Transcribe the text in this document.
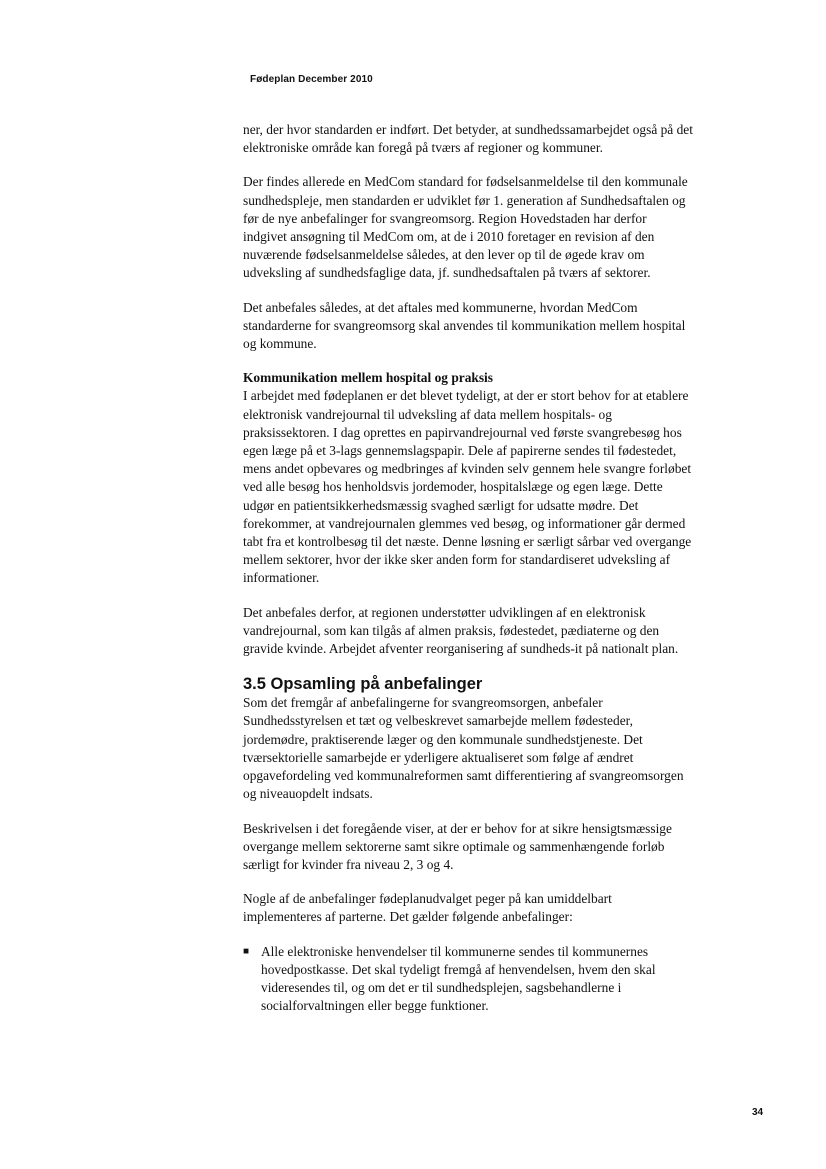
Fødeplan December 2010

ner, der hvor standarden er indført. Det betyder, at sundhedssamarbejdet også på det elektroniske område kan foregå på tværs af regioner og kommuner.

Der findes allerede en MedCom standard for fødselsanmeldelse til den kommunale sundhedspleje, men standarden er udviklet før 1. generation af Sundhedsaftalen og før de nye anbefalinger for svangreomsorg. Region Hovedstaden har derfor indgivet ansøgning til MedCom om, at de i 2010 foretager en revision af den nuværende fødselsanmeldelse således, at den lever op til de øgede krav om udveksling af sundhedsfaglige data, jf. sundhedsaftalen på tværs af sektorer.

Det anbefales således, at det aftales med kommunerne, hvordan MedCom standarderne for svangreomsorg skal anvendes til kommunikation mellem hospital og kommune.

Kommunikation mellem hospital og praksis
I arbejdet med fødeplanen er det blevet tydeligt, at der er stort behov for at etablere elektronisk vandrejournal til udveksling af data mellem hospitals- og praksissektoren. I dag oprettes en papirvandrejournal ved første svangrebesøg hos egen læge på et 3-lags gennemslagspapir. Dele af papirerne sendes til fødestedet, mens andet opbevares og medbringes af kvinden selv gennem hele svangre forløbet ved alle besøg hos henholdsvis jordemoder, hospitalslæge og egen læge. Dette udgør en patientsikkerhedsmæssig svaghed særligt for udsatte mødre. Det forekommer, at vandrejournalen glemmes ved besøg, og informationer går dermed tabt fra et kontrolbesøg til det næste. Denne løsning er særligt sårbar ved overgange mellem sektorer, hvor der ikke sker anden form for standardiseret udveksling af informationer.

Det anbefales derfor, at regionen understøtter udviklingen af en elektronisk vandrejournal, som kan tilgås af almen praksis, fødestedet, pædiaterne og den gravide kvinde. Arbejdet afventer reorganisering af sundheds-it på nationalt plan.

3.5 Opsamling på anbefalinger

Som det fremgår af anbefalingerne for svangreomsorgen, anbefaler Sundhedsstyrelsen et tæt og velbeskrevet samarbejde mellem fødesteder, jordemødre, praktiserende læger og den kommunale sundhedstjeneste. Det tværsektorielle samarbejde er yderligere aktualiseret som følge af ændret opgavefordeling ved kommunalreformen samt differentiering af svangreomsorgen og niveauopdelt indsats.

Beskrivelsen i det foregående viser, at der er behov for at sikre hensigtsmæssige overgange mellem sektorerne samt sikre optimale og sammenhængende forløb særligt for kvinder fra niveau 2, 3 og 4.

Nogle af de anbefalinger fødeplanudvalget peger på kan umiddelbart implementeres af parterne. Det gælder følgende anbefalinger:

■ Alle elektroniske henvendelser til kommunerne sendes til kommunernes hovedpostkasse. Det skal tydeligt fremgå af henvendelsen, hvem den skal videresendes til, og om det er til sundhedsplejen, sagsbehandlerne i socialforvaltningen eller begge funktioner.
34
